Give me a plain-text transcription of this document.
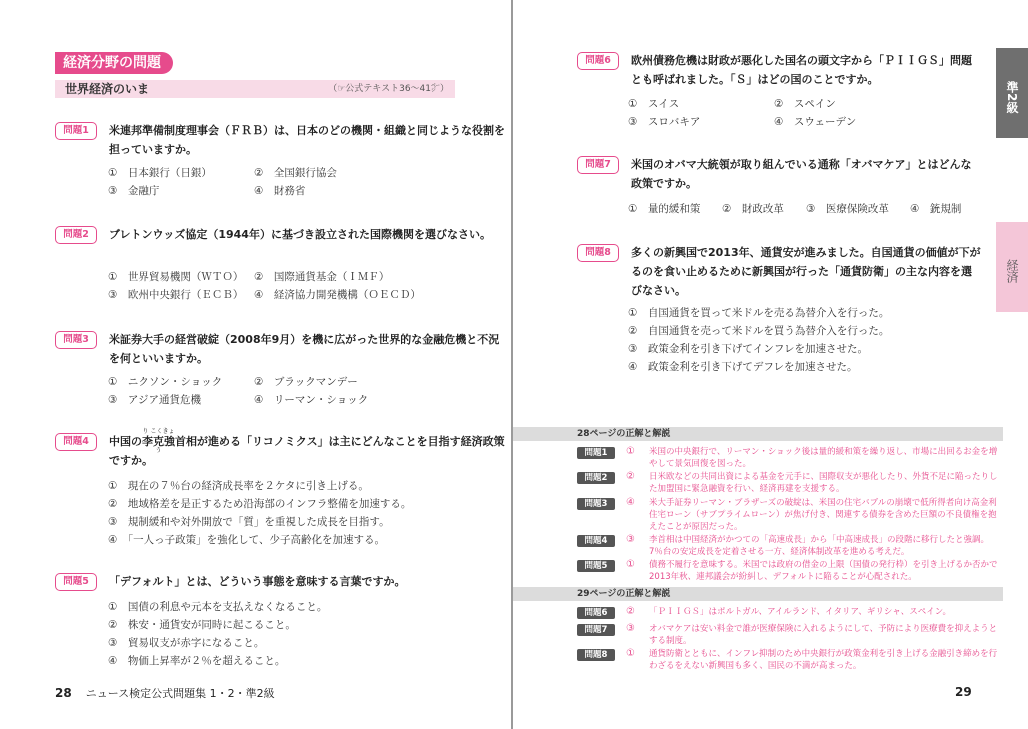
経済分野の問題
世界経済のいま	（☞公式テキスト36～41㌻）
問題1	米連邦準備制度理事会（ＦＲＢ）は、日本のどの機関・組織と同じような役割を担っていますか。
①　 日本銀行（日銀）	②　 全国銀行協会
③　 金融庁	④　 財務省
問題2	ブレトンウッズ協定（1944年）に基づき設立された国際機関を選びなさい。
①　 世界貿易機関（ＷＴＯ） ②　 国際通貨基金（ＩＭＦ）
③　 欧州中央銀行（ＥＣＢ） ④　 経済協力開発機構（ＯＥＣＤ）
問題3	米証券大手の経営破綻（2008年9月）を機に広がった世界的な金融危機と不況を何といいますか。
①　 ニクソン・ショック	②　 ブラックマンデー
③　 アジア通貨危機	④　 リーマン・ショック
問題4	中国の
り こくきょう
李克強首相が進める「リコノミクス」は主にどんなことを目指す経済政策ですか。
①　 現在の７％台の経済成長率を２ケタに引き上げる。
②　 地域格差を是正するため沿海部のインフラ整備を加速する。
③　 規制緩和や対外開放で「質」を重視した成長を目指す。
④　 「一人っ子政策」を強化して、少子高齢化を加速する。
問題5	「デフォルト」とは、どういう事態を意味する言葉ですか。
①　 国債の利息や元本を支払えなくなること。
②　 株安・通貨安が同時に起こること。
③　 貿易収支が赤字になること。
④　 物価上昇率が２％を超えること。
28 ニュース検定公式問題集 1・2・準2級
準2級
経済
問題6	欧州債務危機は財政が悪化した国名の頭文字から「ＰＩＩＧＳ」問題とも呼ばれました。「Ｓ」はどの国のことですか。
①　 スイス	②　 スペイン
③　 スロバキア	④　 スウェーデン
問題7	米国のオバマ大統領が取り組んでいる通称「オバマケア」とはどんな政策ですか。
①　 量的緩和策 ②　 財政改革 ③　 医療保険改革 ④　 銃規制
問題8	多くの新興国で2013年、通貨安が進みました。自国通貨の価値が下がるのを食い止めるために新興国が行った「通貨防衛」の主な内容を選びなさい。
①　 自国通貨を買って米ドルを売る為替介入を行った。
②　 自国通貨を売って米ドルを買う為替介入を行った。
③　 政策金利を引き下げてインフレを加速させた。
④　 政策金利を引き下げてデフレを加速させた。
28ページの正解と解説
問題1	① 米国の中央銀行で、リーマン・ショック後は量的緩和策を繰り返し、市場に出回るお金を増やして景気回復を図った。
問題2	② 日米欧などの共同出資による基金を元手に、国際収支が悪化したり、外貨不足に陥ったりした加盟国に緊急融資を行い、経済再建を支援する。
問題3	④ 米大手証券リーマン・ブラザーズの破綻は、米国の住宅バブルの崩壊で低所得者向け高金利住宅ローン（サブプライムローン）が焦げ付き、関連する債券を含めた巨額の不良債権を抱えたことが原因だった。
問題4	③ 李首相は中国経済がかつての「高速成長」から「中高速成長」の段階に移行したと強調。7％台の安定成長を定着させる一方、経済体制改革を進める考えだ。
問題5	① 債務不履行を意味する。米国では政府の借金の上限（国債の発行枠）を引き上げるか否かで2013年秋、連邦議会が紛糾し、デフォルトに陥ることが心配された。
29ページの正解と解説
問題6	② 「ＰＩＩＧＳ」はポルトガル、アイルランド、イタリア、ギリシャ、スペイン。
問題7	③ オバマケアは安い料金で誰が医療保険に入れるようにして、予防により医療費を抑えようとする制度。
問題8	① 通貨防衛とともに、インフレ抑制のため中央銀行が政策金利を引き上げる金融引き締めを行わざるをえない新興国も多く、国民の不満が高まった。
29
